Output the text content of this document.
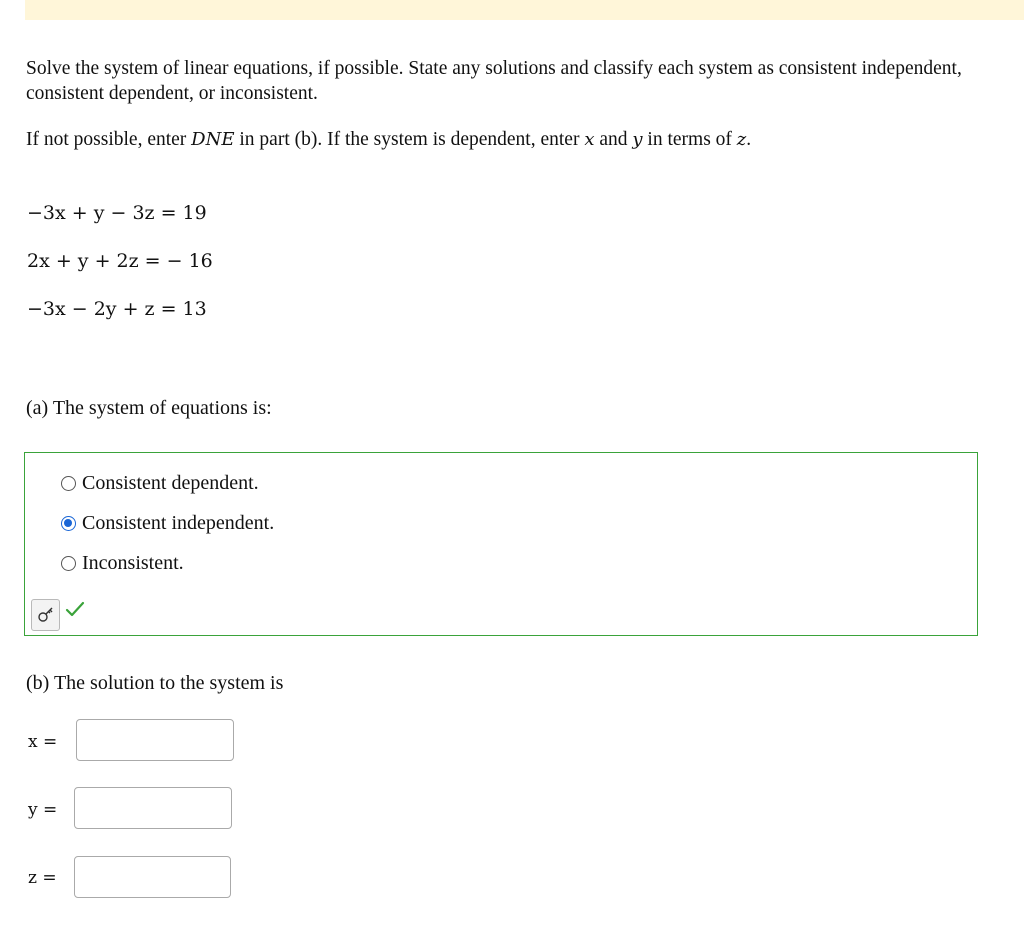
Solve the system of linear equations, if possible. State any solutions and classify each system as consistent independent, consistent dependent, or inconsistent.

If not possible, enter DNE in part (b). If the system is dependent, enter x and y in terms of z.

−3x + y − 3z = 19

2x + y + 2z = − 16

−3x − 2y + z = 13

(a) The system of equations is:

Consistent dependent.
Consistent independent.
Inconsistent.

(b) The solution to the system is

x =
y =
z =
